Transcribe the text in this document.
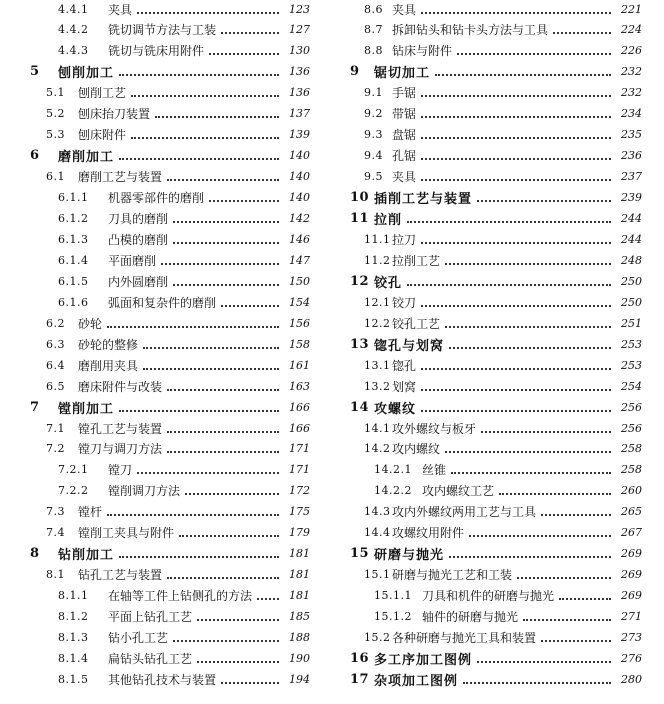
4.4.1	夹具	123
4.4.2	铣切调节方法与工装	127
4.4.3	铣切与铣床用附件	130
5	刨削加工	136
5.1	刨削工艺	136
5.2	刨床抬刀装置	137
5.3	刨床附件	139
6	磨削加工	140
6.1	磨削工艺与装置	140
6.1.1	机器零部件的磨削	140
6.1.2	刀具的磨削	142
6.1.3	凸模的磨削	146
6.1.4	平面磨削	147
6.1.5	内外圆磨削	150
6.1.6	弧面和复杂件的磨削	154
6.2	砂轮	156
6.3	砂轮的整修	158
6.4	磨削用夹具	161
6.5	磨床附件与改装	163
7	镗削加工	166
7.1	镗孔工艺与装置	166
7.2	镗刀与调刀方法	171
7.2.1	镗刀	171
7.2.2	镗削调刀方法	172
7.3	镗杆	175
7.4	镗削工夹具与附件	179
8	钻削加工	181
8.1	钻孔工艺与装置	181
8.1.1	在轴等工件上钻侧孔的方法	181
8.1.2	平面上钻孔工艺	185
8.1.3	钻小孔工艺	188
8.1.4	扁钻头钻孔工艺	190
8.1.5	其他钻孔技术与装置	194
8.6 夹具	221
8.7 拆卸钻头和钻卡头方法与工具	224
8.8 钻床与附件	226
9	锯切加工	232
9.1 手锯	232
9.2 带锯	234
9.3 盘锯	235
9.4 孔锯	236
9.5 夹具	237
10 插削工艺与装置	239
11 拉削	244
11.1 拉刀	244
11.2 拉削工艺	248
12 铰孔	250
12.1 铰刀	250
12.2 铰孔工艺	251
13 锪孔与划窝	253
13.1 锪孔	253
13.2 划窝	254
14 攻螺纹	256
14.1 攻外螺纹与板牙	256
14.2 攻内螺纹	258
14.2.1 丝锥	258
14.2.2 攻内螺纹工艺	260
14.3 攻内外螺纹两用工艺与工具	265
14.4 攻螺纹用附件	267
15 研磨与抛光	269
15.1 研磨与抛光工艺和工装	269
15.1.1 刀具和机件的研磨与抛光	269
15.1.2 轴件的研磨与抛光	271
15.2 各种研磨与抛光工具和装置	273
16 多工序加工图例	276
17 杂项加工图例	280
